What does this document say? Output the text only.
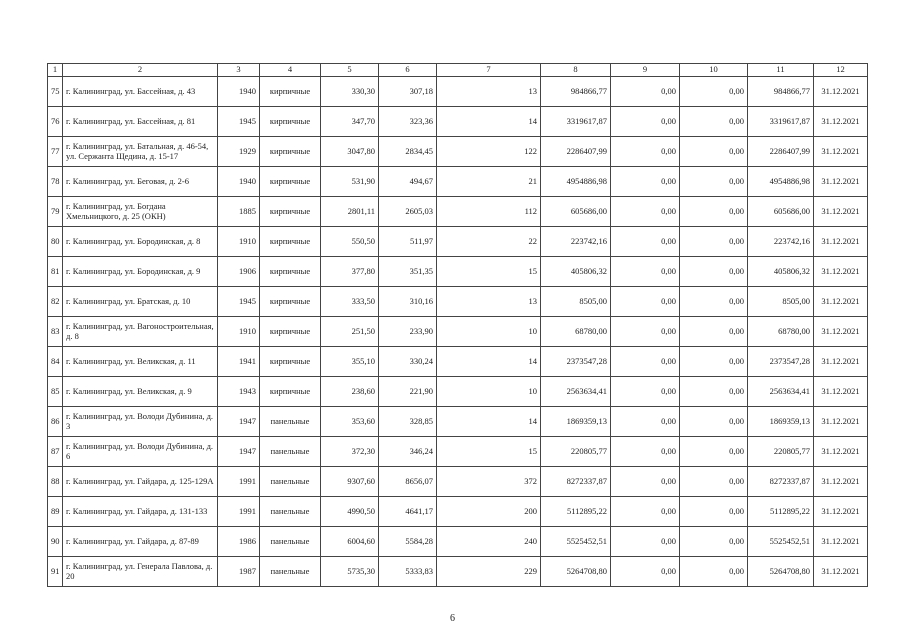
1	2	3	4	5	6	7	8	9	10	11	12
75	г. Калининград, ул. Бассейная, д. 43	1940	кирпичные	330,30	307,18	13	984866,77	0,00	0,00	984866,77	31.12.2021
76	г. Калининград, ул. Бассейная, д. 81	1945	кирпичные	347,70	323,36	14	3319617,87	0,00	0,00	3319617,87	31.12.2021
77	г. Калининград, ул. Батальная, д. 46-54, ул. Сержанта Щедина, д. 15-17	1929	кирпичные	3047,80	2834,45	122	2286407,99	0,00	0,00	2286407,99	31.12.2021
78	г. Калининград, ул. Беговая, д. 2-6	1940	кирпичные	531,90	494,67	21	4954886,98	0,00	0,00	4954886,98	31.12.2021
79	г. Калининград, ул. Богдана Хмельницкого, д. 25 (ОКН)	1885	кирпичные	2801,11	2605,03	112	605686,00	0,00	0,00	605686,00	31.12.2021
80	г. Калининград, ул. Бородинская, д. 8	1910	кирпичные	550,50	511,97	22	223742,16	0,00	0,00	223742,16	31.12.2021
81	г. Калининград, ул. Бородинская, д. 9	1906	кирпичные	377,80	351,35	15	405806,32	0,00	0,00	405806,32	31.12.2021
82	г. Калининград, ул. Братская, д. 10	1945	кирпичные	333,50	310,16	13	8505,00	0,00	0,00	8505,00	31.12.2021
83	г. Калининград, ул. Вагоностроительная, д. 8	1910	кирпичные	251,50	233,90	10	68780,00	0,00	0,00	68780,00	31.12.2021
84	г. Калининград, ул. Великская, д. 11	1941	кирпичные	355,10	330,24	14	2373547,28	0,00	0,00	2373547,28	31.12.2021
85	г. Калининград, ул. Великская, д. 9	1943	кирпичные	238,60	221,90	10	2563634,41	0,00	0,00	2563634,41	31.12.2021
86	г. Калининград, ул. Володи Дубинина, д. 3	1947	панельные	353,60	328,85	14	1869359,13	0,00	0,00	1869359,13	31.12.2021
87	г. Калининград, ул. Володи Дубинина, д. 6	1947	панельные	372,30	346,24	15	220805,77	0,00	0,00	220805,77	31.12.2021
88	г. Калининград, ул. Гайдара, д. 125-129А	1991	панельные	9307,60	8656,07	372	8272337,87	0,00	0,00	8272337,87	31.12.2021
89	г. Калининград, ул. Гайдара, д. 131-133	1991	панельные	4990,50	4641,17	200	5112895,22	0,00	0,00	5112895,22	31.12.2021
90	г. Калининград, ул. Гайдара, д. 87-89	1986	панельные	6004,60	5584,28	240	5525452,51	0,00	0,00	5525452,51	31.12.2021
91	г. Калининград, ул. Генерала Павлова, д. 20	1987	панельные	5735,30	5333,83	229	5264708,80	0,00	0,00	5264708,80	31.12.2021
6
